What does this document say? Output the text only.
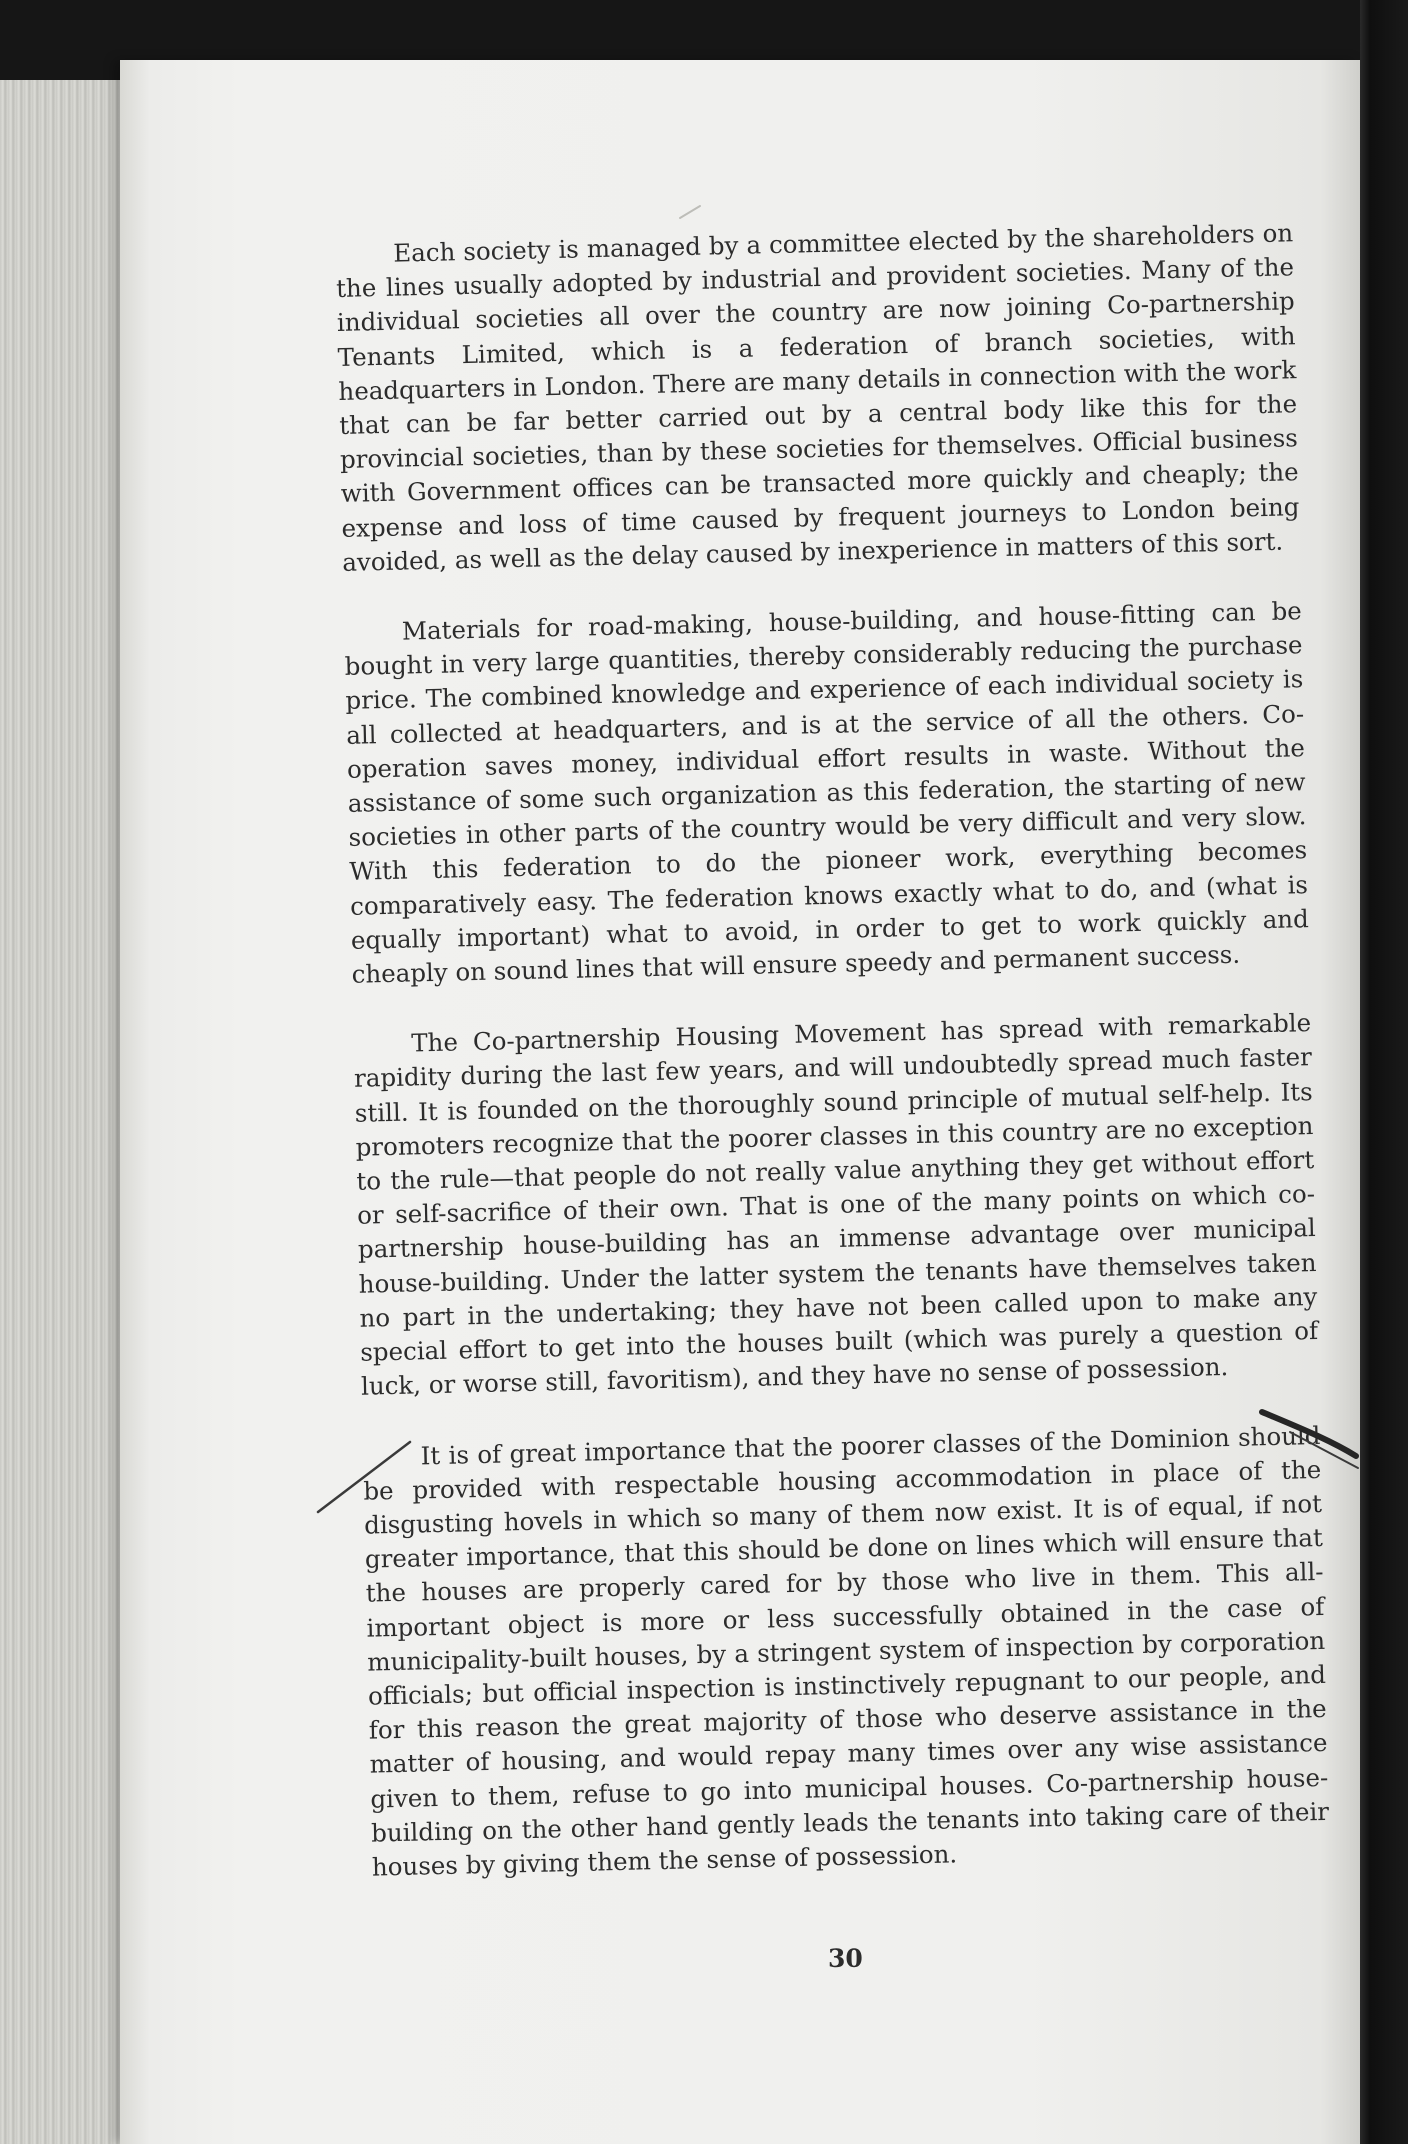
Each society is managed by a committee elected by the shareholders on the lines usually adopted by industrial and provident societies. Many of the individual societies all over the country are now joining Co-partnership Tenants Limited, which is a federation of branch societies, with headquarters in London. There are many details in connection with the work that can be far better carried out by a central body like this for the provincial societies, than by these societies for themselves. Official business with Government offices can be transacted more quickly and cheaply; the expense and loss of time caused by frequent journeys to London being avoided, as well as the delay caused by inexperience in matters of this sort.

Materials for road-making, house-building, and house-fitting can be bought in very large quantities, thereby considerably reducing the purchase price. The combined knowledge and experience of each individual society is all collected at headquarters, and is at the service of all the others. Co-operation saves money, individual effort results in waste. Without the assistance of some such organization as this federation, the starting of new societies in other parts of the country would be very difficult and very slow. With this federation to do the pioneer work, everything becomes comparatively easy. The federation knows exactly what to do, and (what is equally important) what to avoid, in order to get to work quickly and cheaply on sound lines that will ensure speedy and permanent success.

The Co-partnership Housing Movement has spread with remarkable rapidity during the last few years, and will undoubtedly spread much faster still. It is founded on the thoroughly sound principle of mutual self-help. Its promoters recognize that the poorer classes in this country are no exception to the rule—that people do not really value anything they get without effort or self-sacrifice of their own. That is one of the many points on which co-partnership house-building has an immense advantage over municipal house-building. Under the latter system the tenants have themselves taken no part in the undertaking; they have not been called upon to make any special effort to get into the houses built (which was purely a question of luck, or worse still, favoritism), and they have no sense of possession.

It is of great importance that the poorer classes of the Dominion should be provided with respectable housing accommodation in place of the disgusting hovels in which so many of them now exist. It is of equal, if not greater importance, that this should be done on lines which will ensure that the houses are properly cared for by those who live in them. This all-important object is more or less successfully obtained in the case of municipality-built houses, by a stringent system of inspection by corporation officials; but official inspection is instinctively repugnant to our people, and for this reason the great majority of those who deserve assistance in the matter of housing, and would repay many times over any wise assistance given to them, refuse to go into municipal houses. Co-partnership house-building on the other hand gently leads the tenants into taking care of their houses by giving them the sense of possession.

30
